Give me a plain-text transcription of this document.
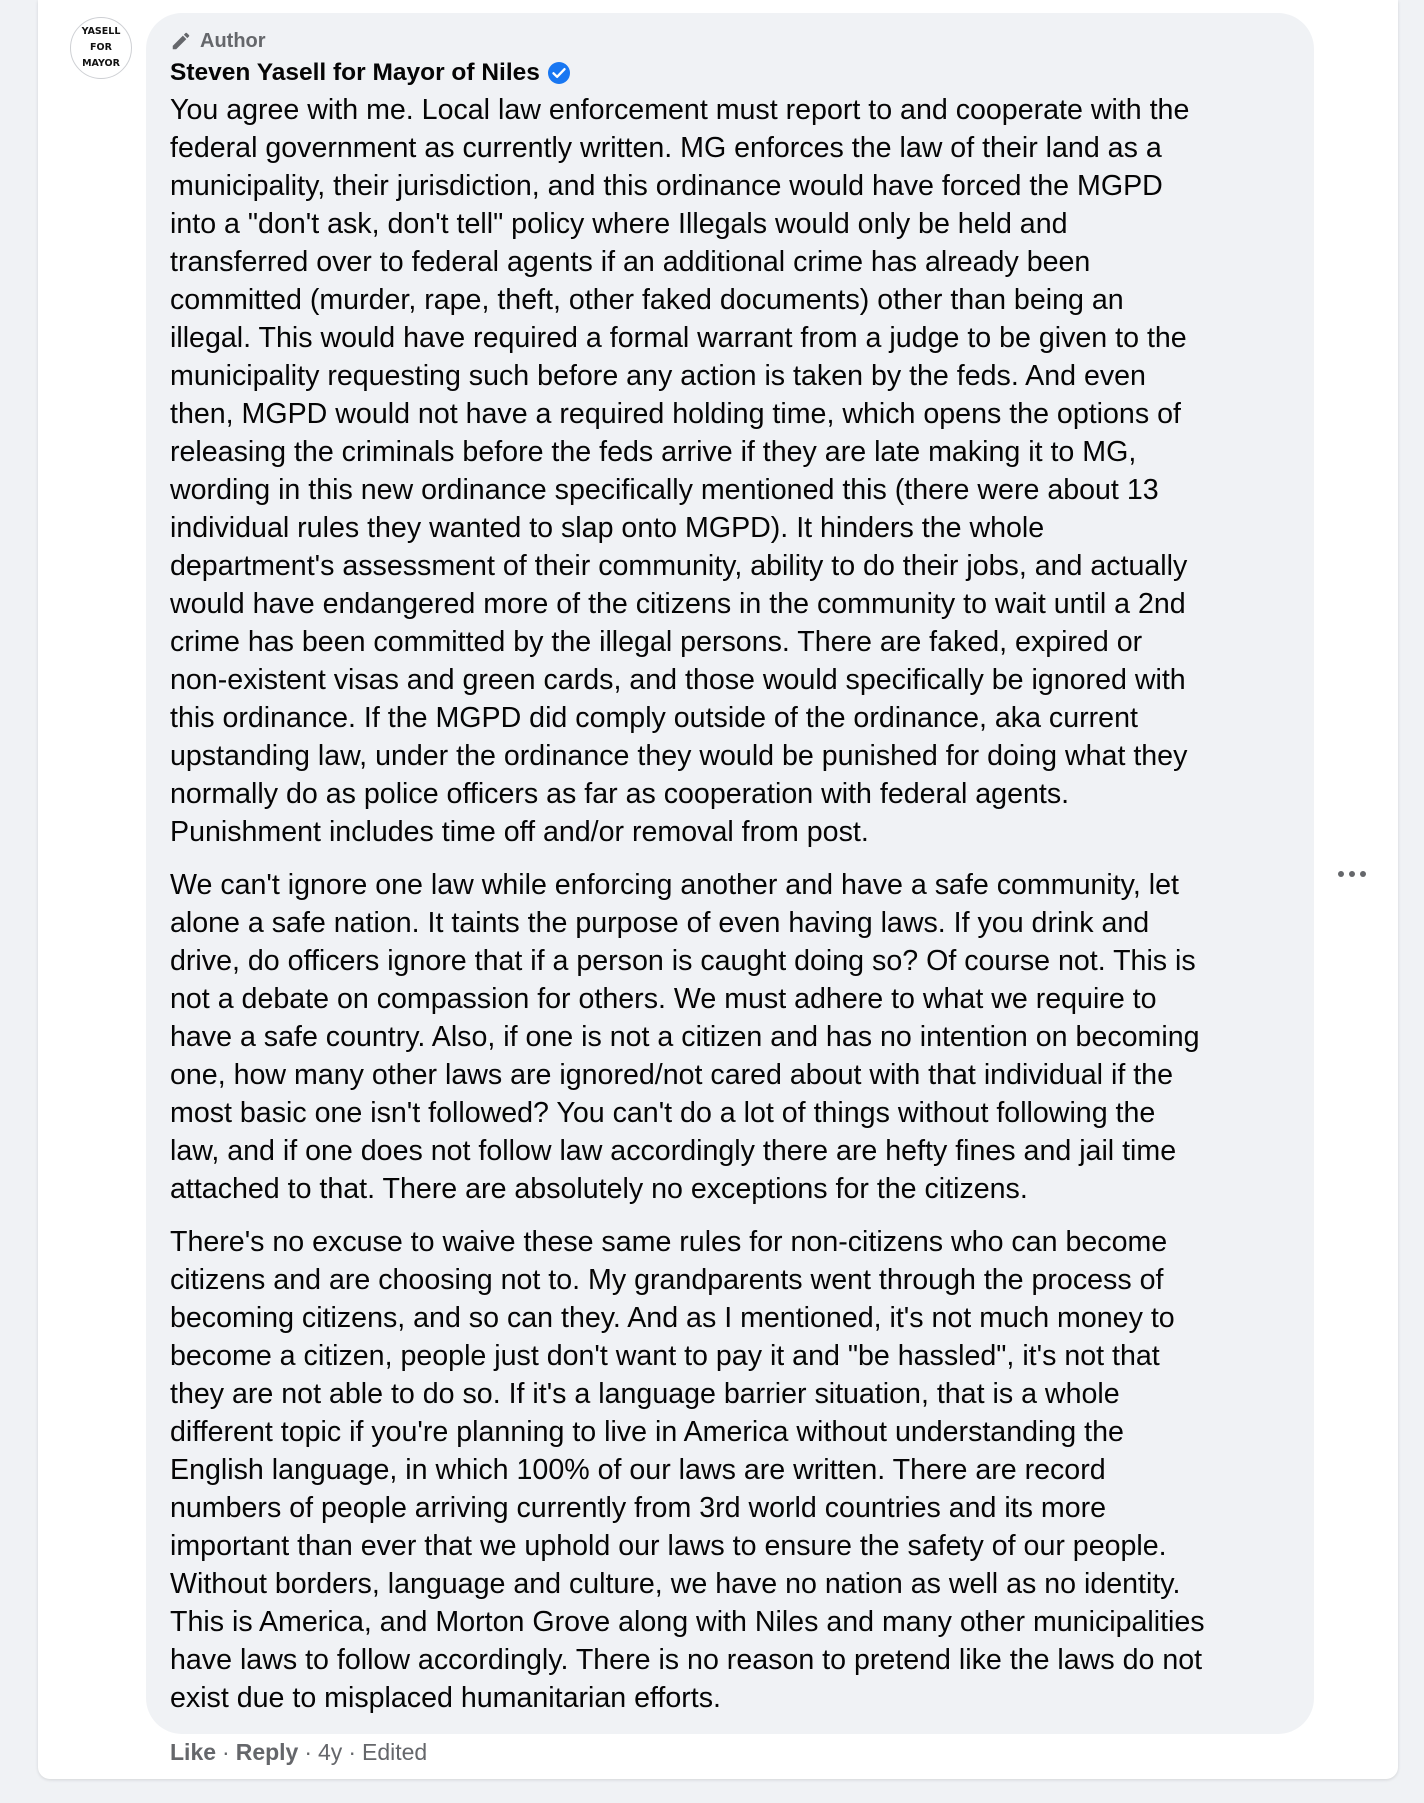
YASELL
FOR
MAYOR
Author
Steven Yasell for Mayor of Niles

You agree with me. Local law enforcement must report to and cooperate with the
federal government as currently written. MG enforces the law of their land as a
municipality, their jurisdiction, and this ordinance would have forced the MGPD
into a "don't ask, don't tell" policy where Illegals would only be held and
transferred over to federal agents if an additional crime has already been
committed (murder, rape, theft, other faked documents) other than being an
illegal. This would have required a formal warrant from a judge to be given to the
municipality requesting such before any action is taken by the feds. And even
then, MGPD would not have a required holding time, which opens the options of
releasing the criminals before the feds arrive if they are late making it to MG,
wording in this new ordinance specifically mentioned this (there were about 13
individual rules they wanted to slap onto MGPD). It hinders the whole
department's assessment of their community, ability to do their jobs, and actually
would have endangered more of the citizens in the community to wait until a 2nd
crime has been committed by the illegal persons. There are faked, expired or
non-existent visas and green cards, and those would specifically be ignored with
this ordinance. If the MGPD did comply outside of the ordinance, aka current
upstanding law, under the ordinance they would be punished for doing what they
normally do as police officers as far as cooperation with federal agents.
Punishment includes time off and/or removal from post.

We can't ignore one law while enforcing another and have a safe community, let
alone a safe nation. It taints the purpose of even having laws. If you drink and
drive, do officers ignore that if a person is caught doing so? Of course not. This is
not a debate on compassion for others. We must adhere to what we require to
have a safe country. Also, if one is not a citizen and has no intention on becoming
one, how many other laws are ignored/not cared about with that individual if the
most basic one isn't followed? You can't do a lot of things without following the
law, and if one does not follow law accordingly there are hefty fines and jail time
attached to that. There are absolutely no exceptions for the citizens.

There's no excuse to waive these same rules for non-citizens who can become
citizens and are choosing not to. My grandparents went through the process of
becoming citizens, and so can they. And as I mentioned, it's not much money to
become a citizen, people just don't want to pay it and "be hassled", it's not that
they are not able to do so. If it's a language barrier situation, that is a whole
different topic if you're planning to live in America without understanding the
English language, in which 100% of our laws are written. There are record
numbers of people arriving currently from 3rd world countries and its more
important than ever that we uphold our laws to ensure the safety of our people.
Without borders, language and culture, we have no nation as well as no identity.
This is America, and Morton Grove along with Niles and many other municipalities
have laws to follow accordingly. There is no reason to pretend like the laws do not
exist due to misplaced humanitarian efforts.

Like · Reply · 4y · Edited
